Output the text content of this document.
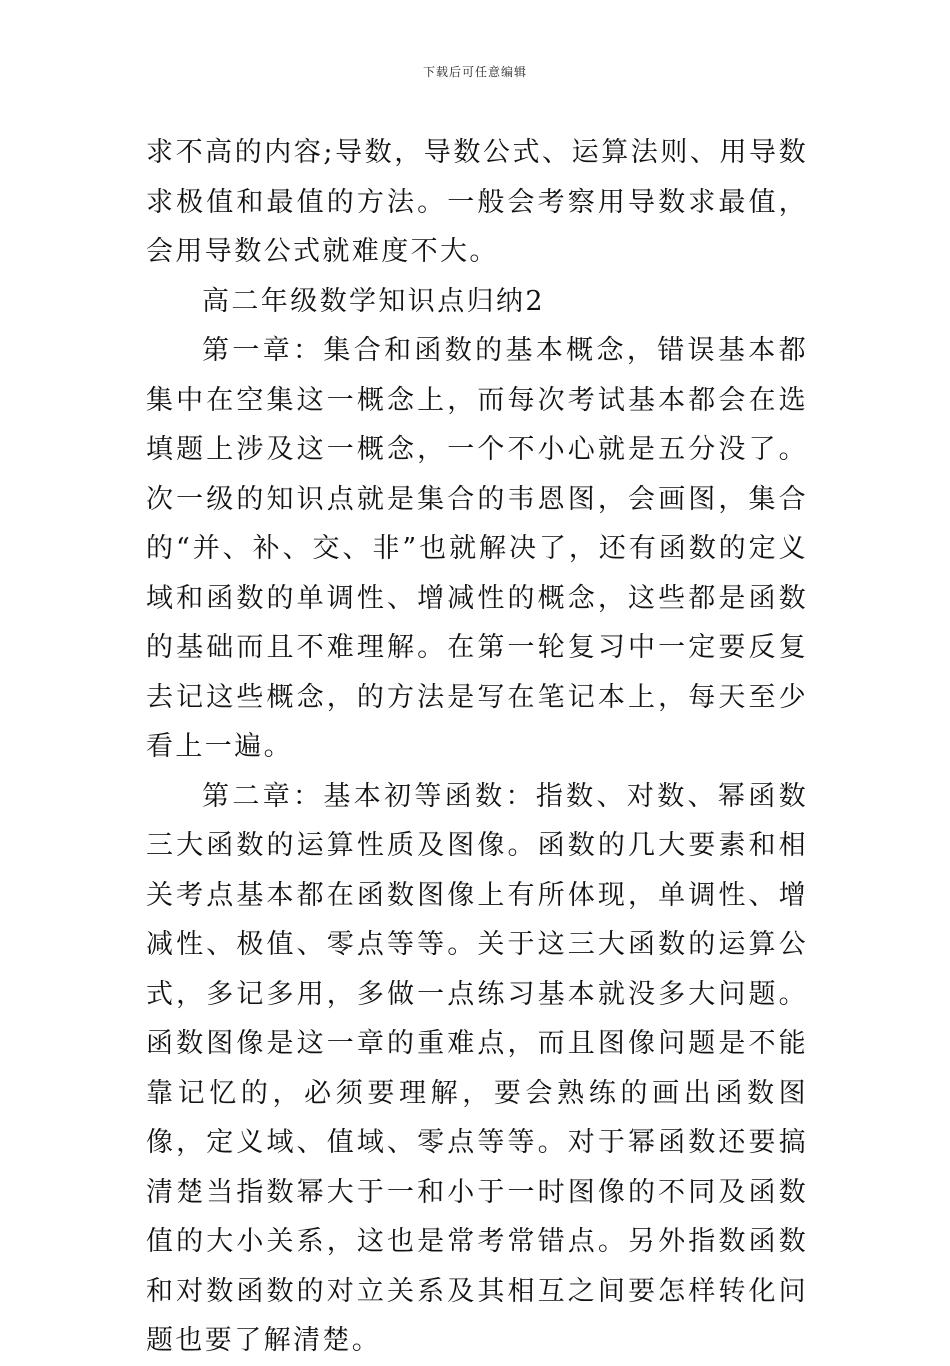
下载后可任意编辑

求不高的内容;导数，导数公式、运算法则、用导数求极值和最值的方法。一般会考察用导数求最值，会用导数公式就难度不大。

高二年级数学知识点归纳2

第一章：集合和函数的基本概念，错误基本都集中在空集这一概念上，而每次考试基本都会在选填题上涉及这一概念，一个不小心就是五分没了。次一级的知识点就是集合的韦恩图，会画图，集合的“并、补、交、非”也就解决了，还有函数的定义域和函数的单调性、增减性的概念，这些都是函数的基础而且不难理解。在第一轮复习中一定要反复去记这些概念，的方法是写在笔记本上，每天至少看上一遍。

第二章：基本初等函数：指数、对数、幂函数三大函数的运算性质及图像。函数的几大要素和相关考点基本都在函数图像上有所体现，单调性、增减性、极值、零点等等。关于这三大函数的运算公式，多记多用，多做一点练习基本就没多大问题。函数图像是这一章的重难点，而且图像问题是不能靠记忆的，必须要理解，要会熟练的画出函数图像，定义域、值域、零点等等。对于幂函数还要搞清楚当指数幂大于一和小于一时图像的不同及函数值的大小关系，这也是常考常错点。另外指数函数和对数函数的对立关系及其相互之间要怎样转化问题也要了解清楚。
